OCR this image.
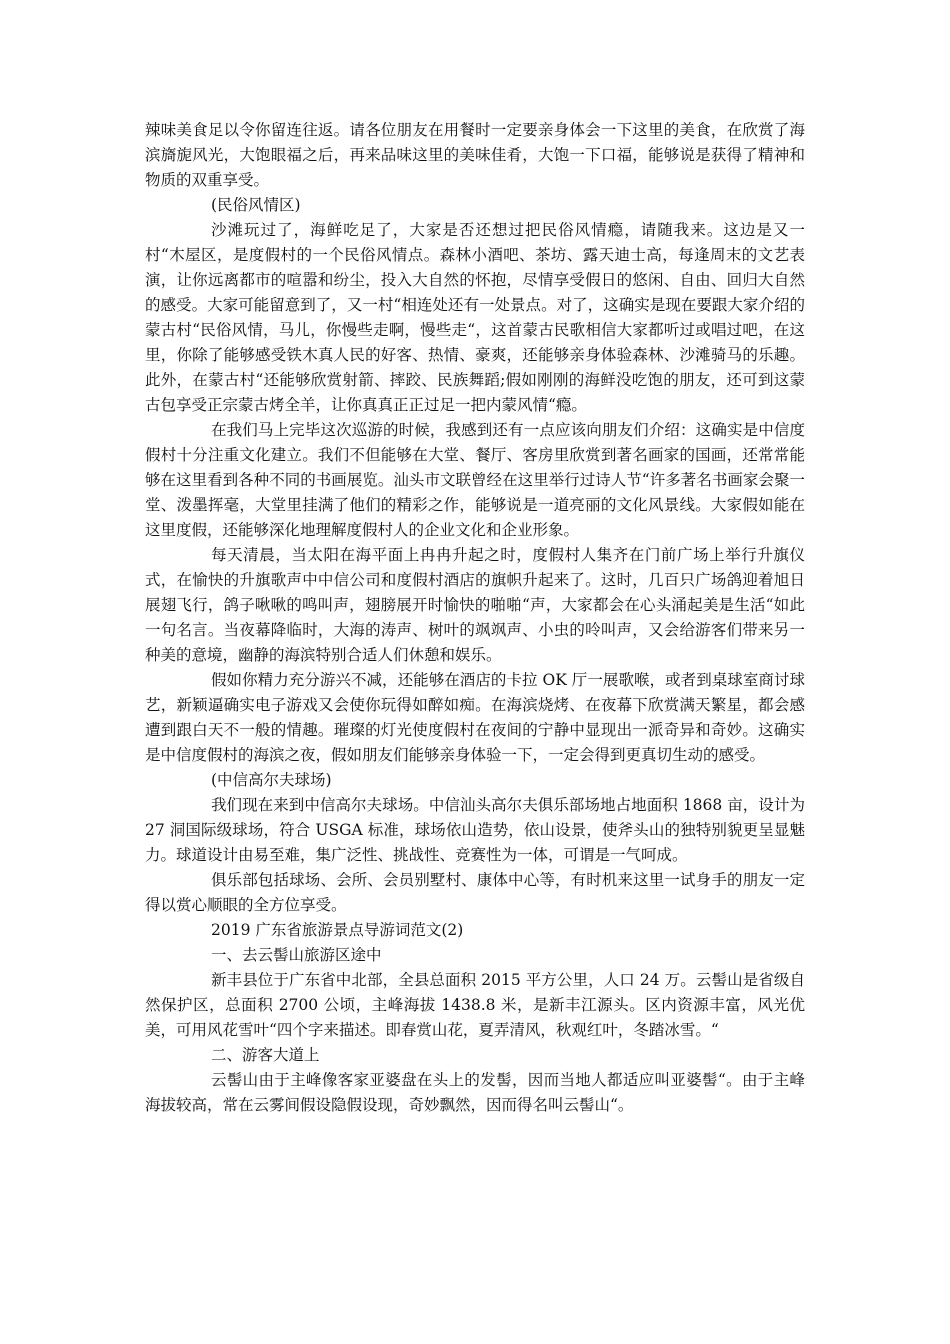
辣味美食足以令你留连往返。请各位朋友在用餐时一定要亲身体会一下这里的美食，在欣赏了海滨旖旎风光，大饱眼福之后，再来品味这里的美味佳肴，大饱一下口福，能够说是获得了精神和物质的双重享受。

(民俗风情区)

沙滩玩过了，海鲜吃足了，大家是否还想过把民俗风情瘾，请随我来。这边是又一村“木屋区，是度假村的一个民俗风情点。森林小酒吧、茶坊、露天迪士高，每逢周末的文艺表演，让你远离都市的喧嚣和纷尘，投入大自然的怀抱，尽情享受假日的悠闲、自由、回归大自然的感受。大家可能留意到了，又一村“相连处还有一处景点。对了，这确实是现在要跟大家介绍的蒙古村“民俗风情，马儿，你慢些走啊，慢些走“，这首蒙古民歌相信大家都听过或唱过吧，在这里，你除了能够感受铁木真人民的好客、热情、豪爽，还能够亲身体验森林、沙滩骑马的乐趣。此外，在蒙古村“还能够欣赏射箭、摔跤、民族舞蹈;假如刚刚的海鲜没吃饱的朋友，还可到这蒙古包享受正宗蒙古烤全羊，让你真真正正过足一把内蒙风情“瘾。

在我们马上完毕这次巡游的时候，我感到还有一点应该向朋友们介绍：这确实是中信度假村十分注重文化建立。我们不但能够在大堂、餐厅、客房里欣赏到著名画家的国画，还常常能够在这里看到各种不同的书画展览。汕头市文联曾经在这里举行过诗人节“许多著名书画家会聚一堂、泼墨挥毫，大堂里挂满了他们的精彩之作，能够说是一道亮丽的文化风景线。大家假如能在这里度假，还能够深化地理解度假村人的企业文化和企业形象。

每天清晨，当太阳在海平面上冉冉升起之时，度假村人集齐在门前广场上举行升旗仪式，在愉快的升旗歌声中中信公司和度假村酒店的旗帜升起来了。这时，几百只广场鸽迎着旭日展翅飞行，鸽子啾啾的鸣叫声，翅膀展开时愉快的啪啪“声，大家都会在心头涌起美是生活“如此一句名言。当夜幕降临时，大海的涛声、树叶的飒飒声、小虫的呤叫声，又会给游客们带来另一种美的意境，幽静的海滨特别合适人们休憩和娱乐。

假如你精力充分游兴不减，还能够在酒店的卡拉 OK 厅一展歌喉，或者到桌球室商讨球艺，新颖逼确实电子游戏又会使你玩得如醉如痴。在海滨烧烤、在夜幕下欣赏满天繁星，都会感遭到跟白天不一般的情趣。璀璨的灯光使度假村在夜间的宁静中显现出一派奇异和奇妙。这确实是中信度假村的海滨之夜，假如朋友们能够亲身体验一下，一定会得到更真切生动的感受。

(中信高尔夫球场)

我们现在来到中信高尔夫球场。中信汕头高尔夫俱乐部场地占地面积 1868 亩，设计为 27 洞国际级球场，符合 USGA 标准，球场依山造势，依山设景，使斧头山的独特别貌更呈显魅力。球道设计由易至难，集广泛性、挑战性、竞赛性为一体，可谓是一气呵成。

俱乐部包括球场、会所、会员别墅村、康体中心等，有时机来这里一试身手的朋友一定得以赏心顺眼的全方位享受。

2019 广东省旅游景点导游词范文(2)

一、去云髻山旅游区途中

新丰县位于广东省中北部，全县总面积 2015 平方公里，人口 24 万。云髻山是省级自然保护区，总面积 2700 公顷，主峰海拔 1438.8 米，是新丰江源头。区内资源丰富，风光优美，可用风花雪叶“四个字来描述。即春赏山花，夏弄清风，秋观红叶，冬踏冰雪。“

二、游客大道上

云髻山由于主峰像客家亚婆盘在头上的发髻，因而当地人都适应叫亚婆髻“。由于主峰海拔较高，常在云雾间假设隐假设现，奇妙飘然，因而得名叫云髻山“。
